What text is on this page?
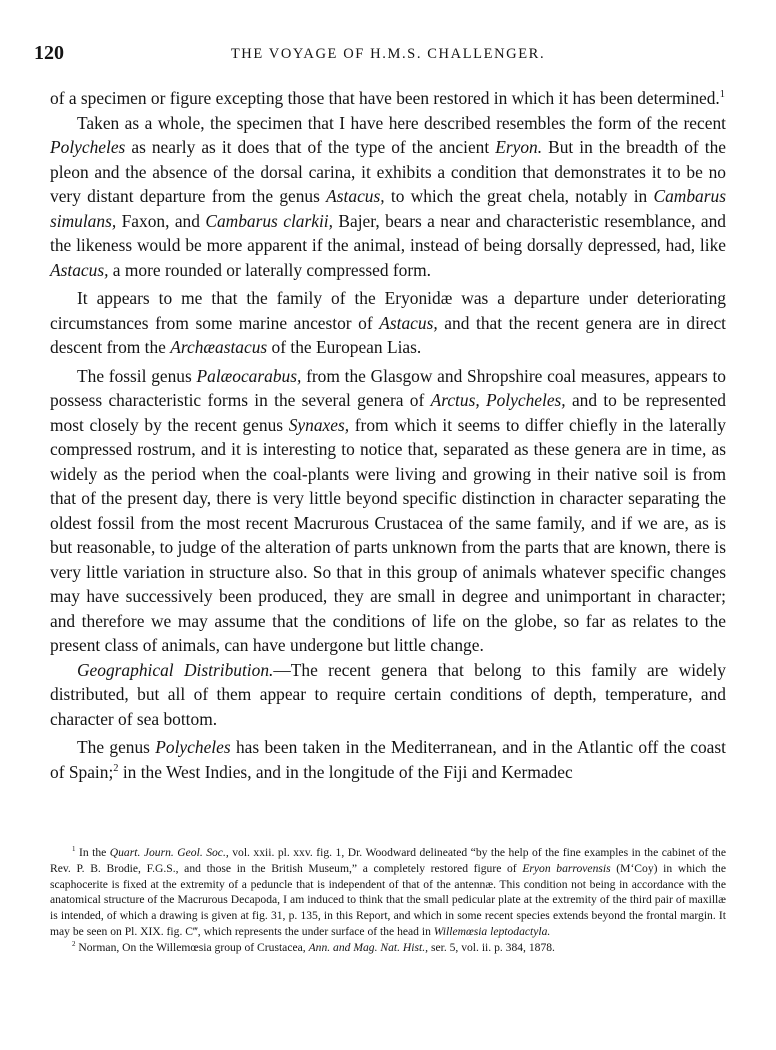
120	THE VOYAGE OF H.M.S. CHALLENGER.

of a specimen or figure excepting those that have been restored in which it has been determined.$^1$

Taken as a whole, the specimen that I have here described resembles the form of the recent Polycheles as nearly as it does that of the type of the ancient Eryon. But in the breadth of the pleon and the absence of the dorsal carina, it exhibits a condition that demonstrates it to be no very distant departure from the genus Astacus, to which the great chela, notably in Cambarus simulans, Faxon, and Cambarus clarkii, Bajer, bears a near and characteristic resemblance, and the likeness would be more apparent if the animal, instead of being dorsally depressed, had, like Astacus, a more rounded or laterally compressed form.

It appears to me that the family of the Eryonidæ was a departure under deteriorating circumstances from some marine ancestor of Astacus, and that the recent genera are in direct descent from the Archæastacus of the European Lias.

The fossil genus Palæocarabus, from the Glasgow and Shropshire coal measures, appears to possess characteristic forms in the several genera of Arctus, Polycheles, and to be represented most closely by the recent genus Synaxes, from which it seems to differ chiefly in the laterally compressed rostrum, and it is interesting to notice that, separated as these genera are in time, as widely as the period when the coal-plants were living and growing in their native soil is from that of the present day, there is very little beyond specific distinction in character separating the oldest fossil from the most recent Macrurous Crustacea of the same family, and if we are, as is but reasonable, to judge of the alteration of parts unknown from the parts that are known, there is very little variation in structure also. So that in this group of animals whatever specific changes may have successively been produced, they are small in degree and unimportant in character; and therefore we may assume that the conditions of life on the globe, so far as relates to the present class of animals, can have undergone but little change.

Geographical Distribution.—The recent genera that belong to this family are widely distributed, but all of them appear to require certain conditions of depth, temperature, and character of sea bottom.

The genus Polycheles has been taken in the Mediterranean, and in the Atlantic off the coast of Spain;$^2$ in the West Indies, and in the longitude of the Fiji and Kermadec

$^1$ In the Quart. Journ. Geol. Soc., vol. xxii. pl. xxv. fig. 1, Dr. Woodward delineated “by the help of the fine examples in the cabinet of the Rev. P. B. Brodie, F.G.S., and those in the British Museum,” a completely restored figure of Eryon barrovensis (M‘Coy) in which the scaphocerite is fixed at the extremity of a peduncle that is independent of that of the antennæ. This condition not being in accordance with the anatomical structure of the Macrurous Decapoda, I am induced to think that the small pedicular plate at the extremity of the third pair of maxillæ is intended, of which a drawing is given at fig. 31, p. 135, in this Report, and which in some recent species extends beyond the frontal margin. It may be seen on Pl. XIX. fig. C‴, which represents the under surface of the head in Willemœsia leptodactyla.

$^2$ Norman, On the Willemœsia group of Crustacea, Ann. and Mag. Nat. Hist., ser. 5, vol. ii. p. 384, 1878.
